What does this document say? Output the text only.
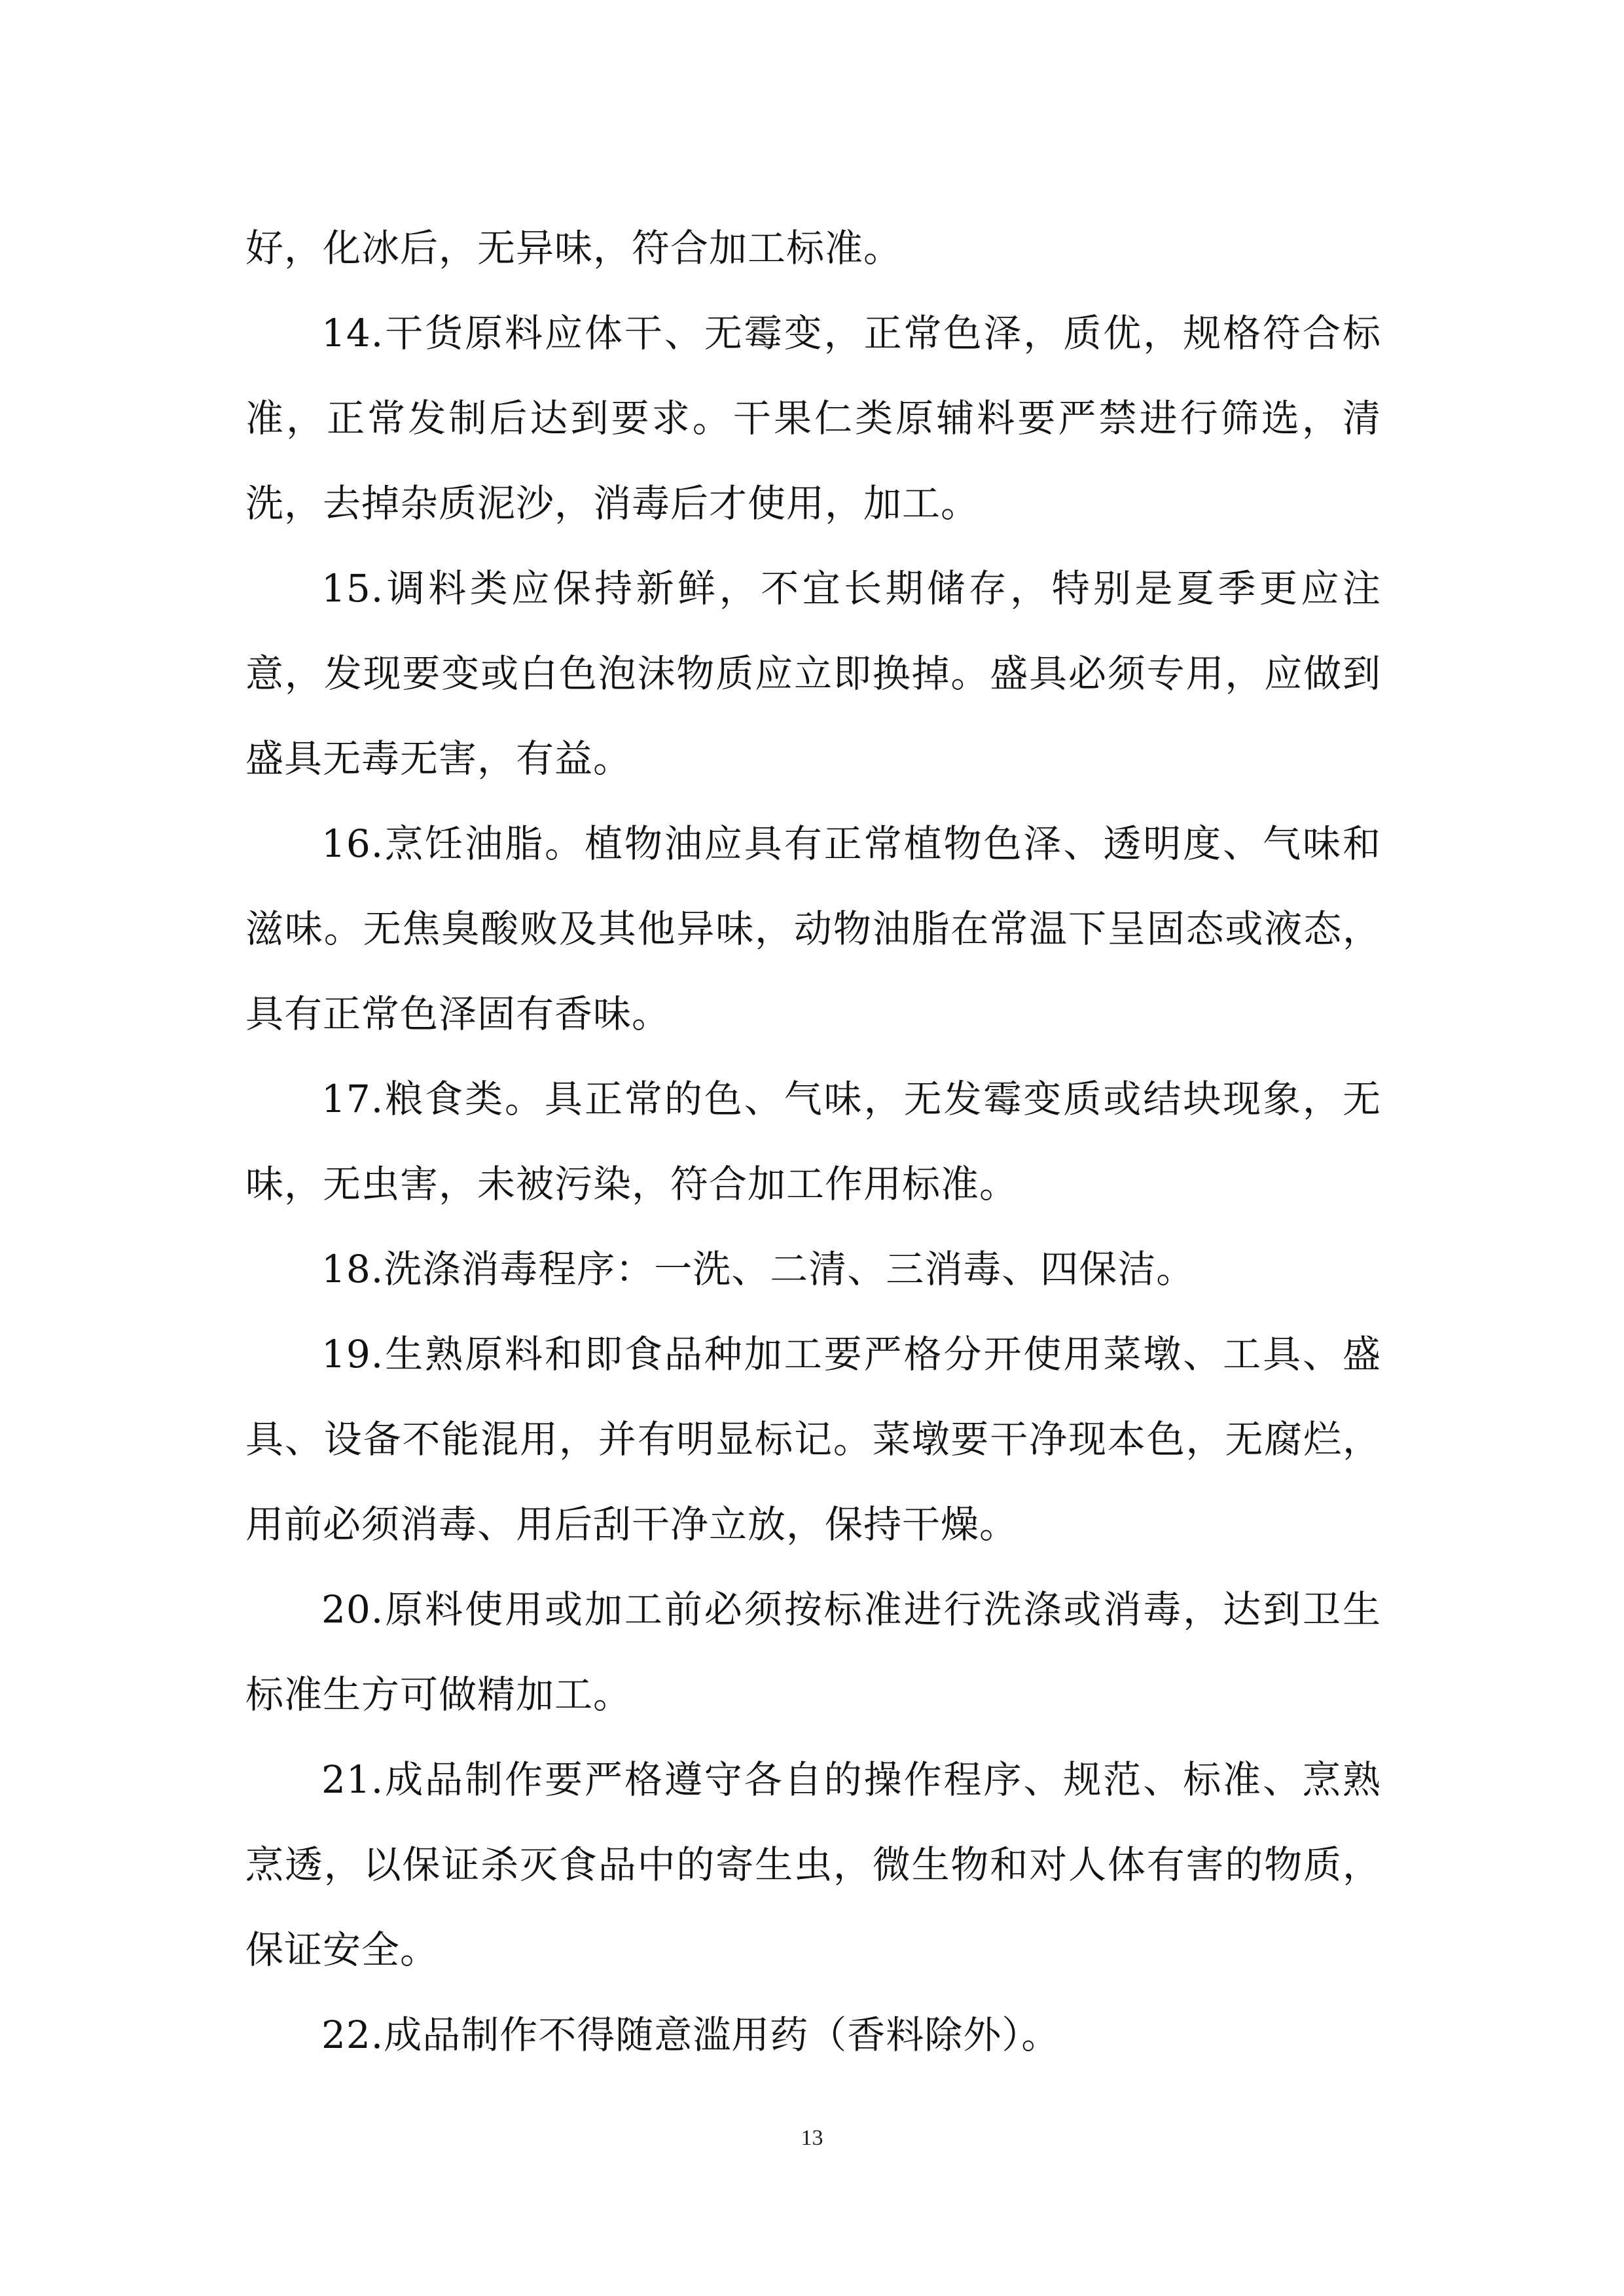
好，化冰后，无异味，符合加工标准。

14.干货原料应体干、无霉变，正常色泽，质优，规格符合标准，正常发制后达到要求。干果仁类原辅料要严禁进行筛选，清洗，去掉杂质泥沙，消毒后才使用，加工。

15.调料类应保持新鲜，不宜长期储存，特别是夏季更应注意，发现要变或白色泡沫物质应立即换掉。盛具必须专用，应做到盛具无毒无害，有益。

16.烹饪油脂。植物油应具有正常植物色泽、透明度、气味和滋味。无焦臭酸败及其他异味，动物油脂在常温下呈固态或液态，具有正常色泽固有香味。

17.粮食类。具正常的色、气味，无发霉变质或结块现象，无味，无虫害，未被污染，符合加工作用标准。

18.洗涤消毒程序：一洗、二清、三消毒、四保洁。

19.生熟原料和即食品种加工要严格分开使用菜墩、工具、盛具、设备不能混用，并有明显标记。菜墩要干净现本色，无腐烂，用前必须消毒、用后刮干净立放，保持干燥。

20.原料使用或加工前必须按标准进行洗涤或消毒，达到卫生标准生方可做精加工。

21.成品制作要严格遵守各自的操作程序、规范、标准、烹熟烹透，以保证杀灭食品中的寄生虫，微生物和对人体有害的物质，保证安全。

22.成品制作不得随意滥用药（香料除外）。

13
